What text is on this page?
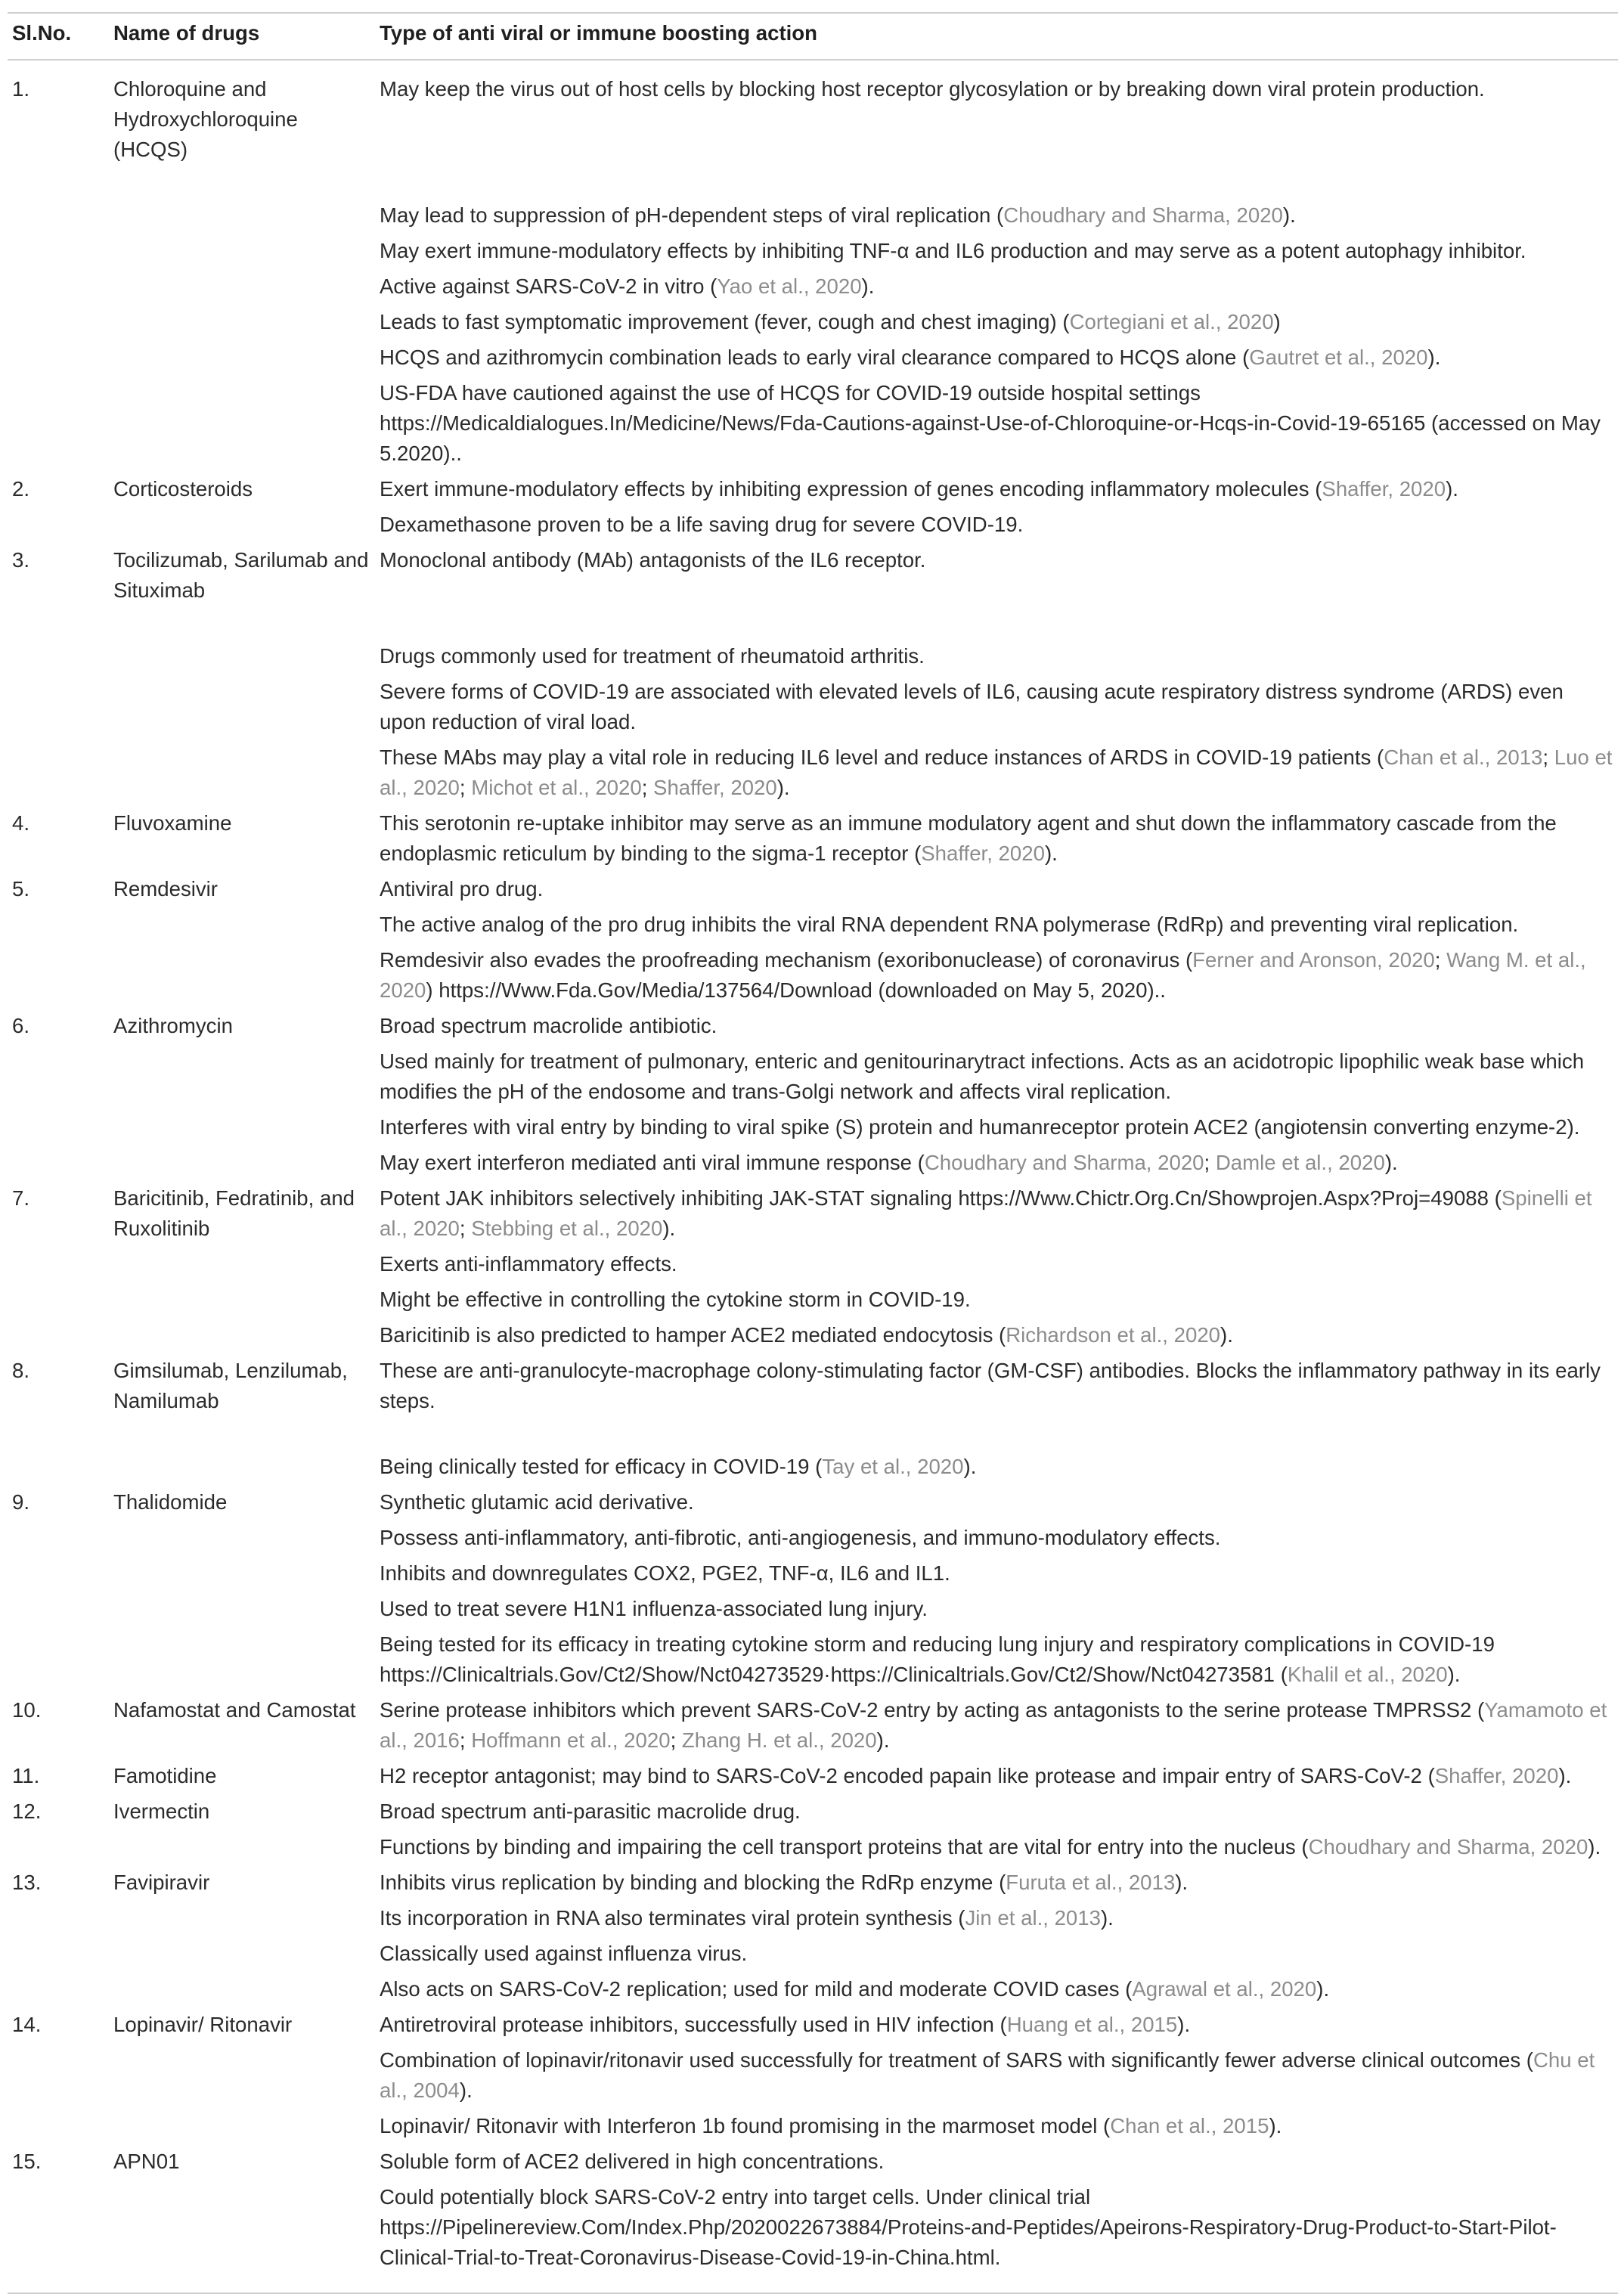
Sl.No.	Name of drugs	Type of anti viral or immune boosting action

1.	Chloroquine and Hydroxychloroquine (HCQS)	May keep the virus out of host cells by blocking host receptor glycosylation or by breaking down viral protein production.
		May lead to suppression of pH-dependent steps of viral replication (Choudhary and Sharma, 2020).
		May exert immune-modulatory effects by inhibiting TNF-α and IL6 production and may serve as a potent autophagy inhibitor.
		Active against SARS-CoV-2 in vitro (Yao et al., 2020).
		Leads to fast symptomatic improvement (fever, cough and chest imaging) (Cortegiani et al., 2020)
		HCQS and azithromycin combination leads to early viral clearance compared to HCQS alone (Gautret et al., 2020).
		US-FDA have cautioned against the use of HCQS for COVID-19 outside hospital settings https://Medicaldialogues.In/Medicine/News/Fda-Cautions-against-Use-of-Chloroquine-or-Hcqs-in-Covid-19-65165 (accessed on May 5.2020)..
2.	Corticosteroids	Exert immune-modulatory effects by inhibiting expression of genes encoding inflammatory molecules (Shaffer, 2020).
		Dexamethasone proven to be a life saving drug for severe COVID-19.
3.	Tocilizumab, Sarilumab and Situximab	Monoclonal antibody (MAb) antagonists of the IL6 receptor.
		Drugs commonly used for treatment of rheumatoid arthritis.
		Severe forms of COVID-19 are associated with elevated levels of IL6, causing acute respiratory distress syndrome (ARDS) even upon reduction of viral load.
		These MAbs may play a vital role in reducing IL6 level and reduce instances of ARDS in COVID-19 patients (Chan et al., 2013; Luo et al., 2020; Michot et al., 2020; Shaffer, 2020).
4.	Fluvoxamine	This serotonin re-uptake inhibitor may serve as an immune modulatory agent and shut down the inflammatory cascade from the endoplasmic reticulum by binding to the sigma-1 receptor (Shaffer, 2020).
5.	Remdesivir	Antiviral pro drug.
		The active analog of the pro drug inhibits the viral RNA dependent RNA polymerase (RdRp) and preventing viral replication.
		Remdesivir also evades the proofreading mechanism (exoribonuclease) of coronavirus (Ferner and Aronson, 2020; Wang M. et al., 2020) https://Www.Fda.Gov/Media/137564/Download (downloaded on May 5, 2020)..
6.	Azithromycin	Broad spectrum macrolide antibiotic.
		Used mainly for treatment of pulmonary, enteric and genitourinarytract infections. Acts as an acidotropic lipophilic weak base which modifies the pH of the endosome and trans-Golgi network and affects viral replication.
		Interferes with viral entry by binding to viral spike (S) protein and humanreceptor protein ACE2 (angiotensin converting enzyme-2).
		May exert interferon mediated anti viral immune response (Choudhary and Sharma, 2020; Damle et al., 2020).
7.	Baricitinib, Fedratinib, and Ruxolitinib	Potent JAK inhibitors selectively inhibiting JAK-STAT signaling https://Www.Chictr.Org.Cn/Showprojen.Aspx?Proj=49088 (Spinelli et al., 2020; Stebbing et al., 2020).
		Exerts anti-inflammatory effects.
		Might be effective in controlling the cytokine storm in COVID-19.
		Baricitinib is also predicted to hamper ACE2 mediated endocytosis (Richardson et al., 2020).
8.	Gimsilumab, Lenzilumab, Namilumab	These are anti-granulocyte-macrophage colony-stimulating factor (GM-CSF) antibodies. Blocks the inflammatory pathway in its early steps.
		Being clinically tested for efficacy in COVID-19 (Tay et al., 2020).
9.	Thalidomide	Synthetic glutamic acid derivative.
		Possess anti-inflammatory, anti-fibrotic, anti-angiogenesis, and immuno-modulatory effects.
		Inhibits and downregulates COX2, PGE2, TNF-α, IL6 and IL1.
		Used to treat severe H1N1 influenza-associated lung injury.
		Being tested for its efficacy in treating cytokine storm and reducing lung injury and respiratory complications in COVID-19 https://Clinicaltrials.Gov/Ct2/Show/Nct04273529·https://Clinicaltrials.Gov/Ct2/Show/Nct04273581 (Khalil et al., 2020).
10.	Nafamostat and Camostat	Serine protease inhibitors which prevent SARS-CoV-2 entry by acting as antagonists to the serine protease TMPRSS2 (Yamamoto et al., 2016; Hoffmann et al., 2020; Zhang H. et al., 2020).
11.	Famotidine	H2 receptor antagonist; may bind to SARS-CoV-2 encoded papain like protease and impair entry of SARS-CoV-2 (Shaffer, 2020).
12.	Ivermectin	Broad spectrum anti-parasitic macrolide drug.
		Functions by binding and impairing the cell transport proteins that are vital for entry into the nucleus (Choudhary and Sharma, 2020).
13.	Favipiravir	Inhibits virus replication by binding and blocking the RdRp enzyme (Furuta et al., 2013).
		Its incorporation in RNA also terminates viral protein synthesis (Jin et al., 2013).
		Classically used against influenza virus.
		Also acts on SARS-CoV-2 replication; used for mild and moderate COVID cases (Agrawal et al., 2020).
14.	Lopinavir/ Ritonavir	Antiretroviral protease inhibitors, successfully used in HIV infection (Huang et al., 2015).
		Combination of lopinavir/ritonavir used successfully for treatment of SARS with significantly fewer adverse clinical outcomes (Chu et al., 2004).
		Lopinavir/ Ritonavir with Interferon 1b found promising in the marmoset model (Chan et al., 2015).
15.	APN01	Soluble form of ACE2 delivered in high concentrations.
		Could potentially block SARS-CoV-2 entry into target cells. Under clinical trial https://Pipelinereview.Com/Index.Php/2020022673884/Proteins-and-Peptides/Apeirons-Respiratory-Drug-Product-to-Start-Pilot-Clinical-Trial-to-Treat-Coronavirus-Disease-Covid-19-in-China.html.
